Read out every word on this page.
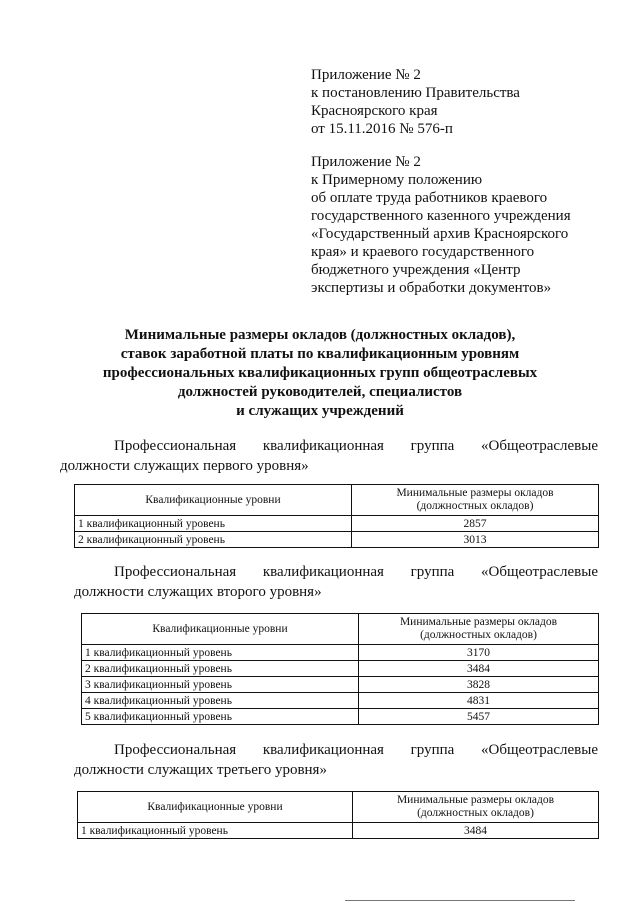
Приложение № 2
к постановлению Правительства
Красноярского края
от 15.11.2016 № 576-п
Приложение № 2
к Примерному положению
об оплате труда работников краевого
государственного казенного учреждения
«Государственный архив Красноярского
края» и краевого государственного
бюджетного учреждения «Центр
экспертизы и обработки документов»
Минимальные размеры окладов (должностных окладов),
ставок заработной платы по квалификационным уровням
профессиональных квалификационных групп общеотраслевых
должностей руководителей, специалистов
и служащих учреждений
Профессиональная квалификационная группа «Общеотраслевые
должности служащих первого уровня»
Квалификационные уровни	Минимальные размеры окладов
(должностных окладов)
1 квалификационный уровень	2857
2 квалификационный уровень	3013
Профессиональная квалификационная группа «Общеотраслевые
должности служащих второго уровня»
Квалификационные уровни	Минимальные размеры окладов
(должностных окладов)
1 квалификационный уровень	3170
2 квалификационный уровень	3484
3 квалификационный уровень	3828
4 квалификационный уровень	4831
5 квалификационный уровень	5457
Профессиональная квалификационная группа «Общеотраслевые
должности служащих третьего уровня»
Квалификационные уровни	Минимальные размеры окладов
(должностных окладов)
1 квалификационный уровень	3484
